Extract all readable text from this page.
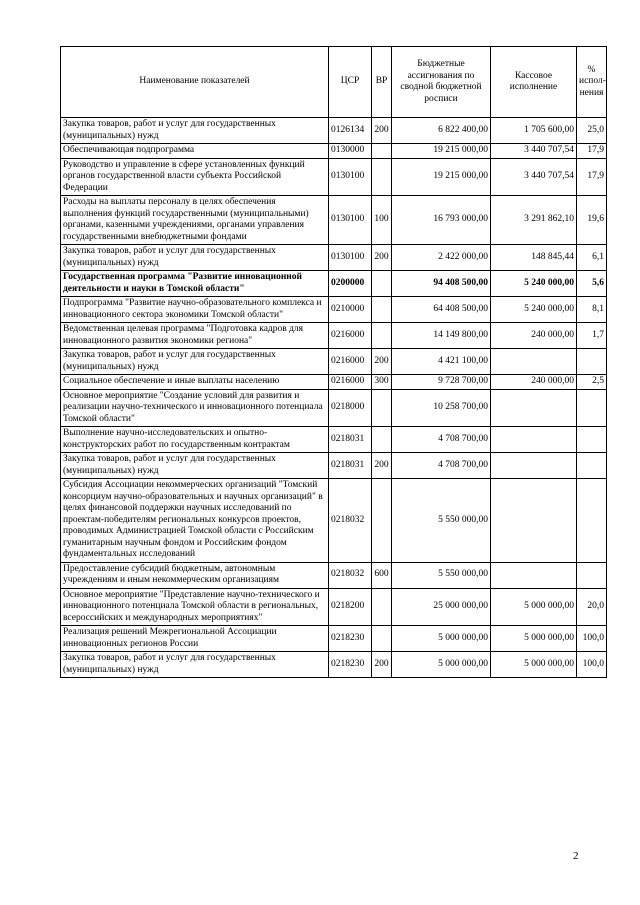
Наименование показателей	ЦСР	ВР	Бюджетные ассигнования по сводной бюджетной росписи	Кассовое исполнение	% испол-нения
Закупка товаров, работ и услуг для государственных (муниципальных) нужд	0126134	200	6 822 400,00	1 705 600,00	25,0
Обеспечивающая подпрограмма	0130000		19 215 000,00	3 440 707,54	17,9
Руководство и управление в сфере установленных функций органов государственной власти субъекта Российской Федерации	0130100		19 215 000,00	3 440 707,54	17,9
Расходы на выплаты персоналу в целях обеспечения выполнения функций государственными (муниципальными) органами, казенными учреждениями, органами управления государственными внебюджетными фондами	0130100	100	16 793 000,00	3 291 862,10	19,6
Закупка товаров, работ и услуг для государственных (муниципальных) нужд	0130100	200	2 422 000,00	148 845,44	6,1
Государственная программа "Развитие инновационной деятельности и науки в Томской области"	0200000		94 408 500,00	5 240 000,00	5,6
Подпрограмма "Развитие научно-образовательного комплекса и инновационного сектора экономики Томской области"	0210000		64 408 500,00	5 240 000,00	8,1
Ведомственная целевая программа "Подготовка кадров для инновационного развития экономики региона"	0216000		14 149 800,00	240 000,00	1,7
Закупка товаров, работ и услуг для государственных (муниципальных) нужд	0216000	200	4 421 100,00		
Социальное обеспечение и иные выплаты населению	0216000	300	9 728 700,00	240 000,00	2,5
Основное мероприятие "Создание условий для развития и реализации научно-технического и инновационного потенциала Томской области"	0218000		10 258 700,00		
Выполнение научно-исследовательских и опытно-конструкторских работ по государственным контрактам	0218031		4 708 700,00		
Закупка товаров, работ и услуг для государственных (муниципальных) нужд	0218031	200	4 708 700,00		
Субсидия Ассоциации некоммерческих организаций "Томский консорциум научно-образовательных и научных организаций" в целях финансовой поддержки научных исследований по проектам-победителям региональных конкурсов проектов, проводимых Администрацией Томской области с Российским гуманитарным научным фондом и Российским фондом фундаментальных исследований	0218032		5 550 000,00		
Предоставление субсидий бюджетным, автономным учреждениям и иным некоммерческим организациям	0218032	600	5 550 000,00		
Основное мероприятие "Представление научно-технического и инновационного потенциала Томской области в региональных, всероссийских и международных мероприятиях"	0218200		25 000 000,00	5 000 000,00	20,0
Реализация решений Межрегиональной Ассоциации инновационных регионов России	0218230		5 000 000,00	5 000 000,00	100,0
Закупка товаров, работ и услуг для государственных (муниципальных) нужд	0218230	200	5 000 000,00	5 000 000,00	100,0
2
